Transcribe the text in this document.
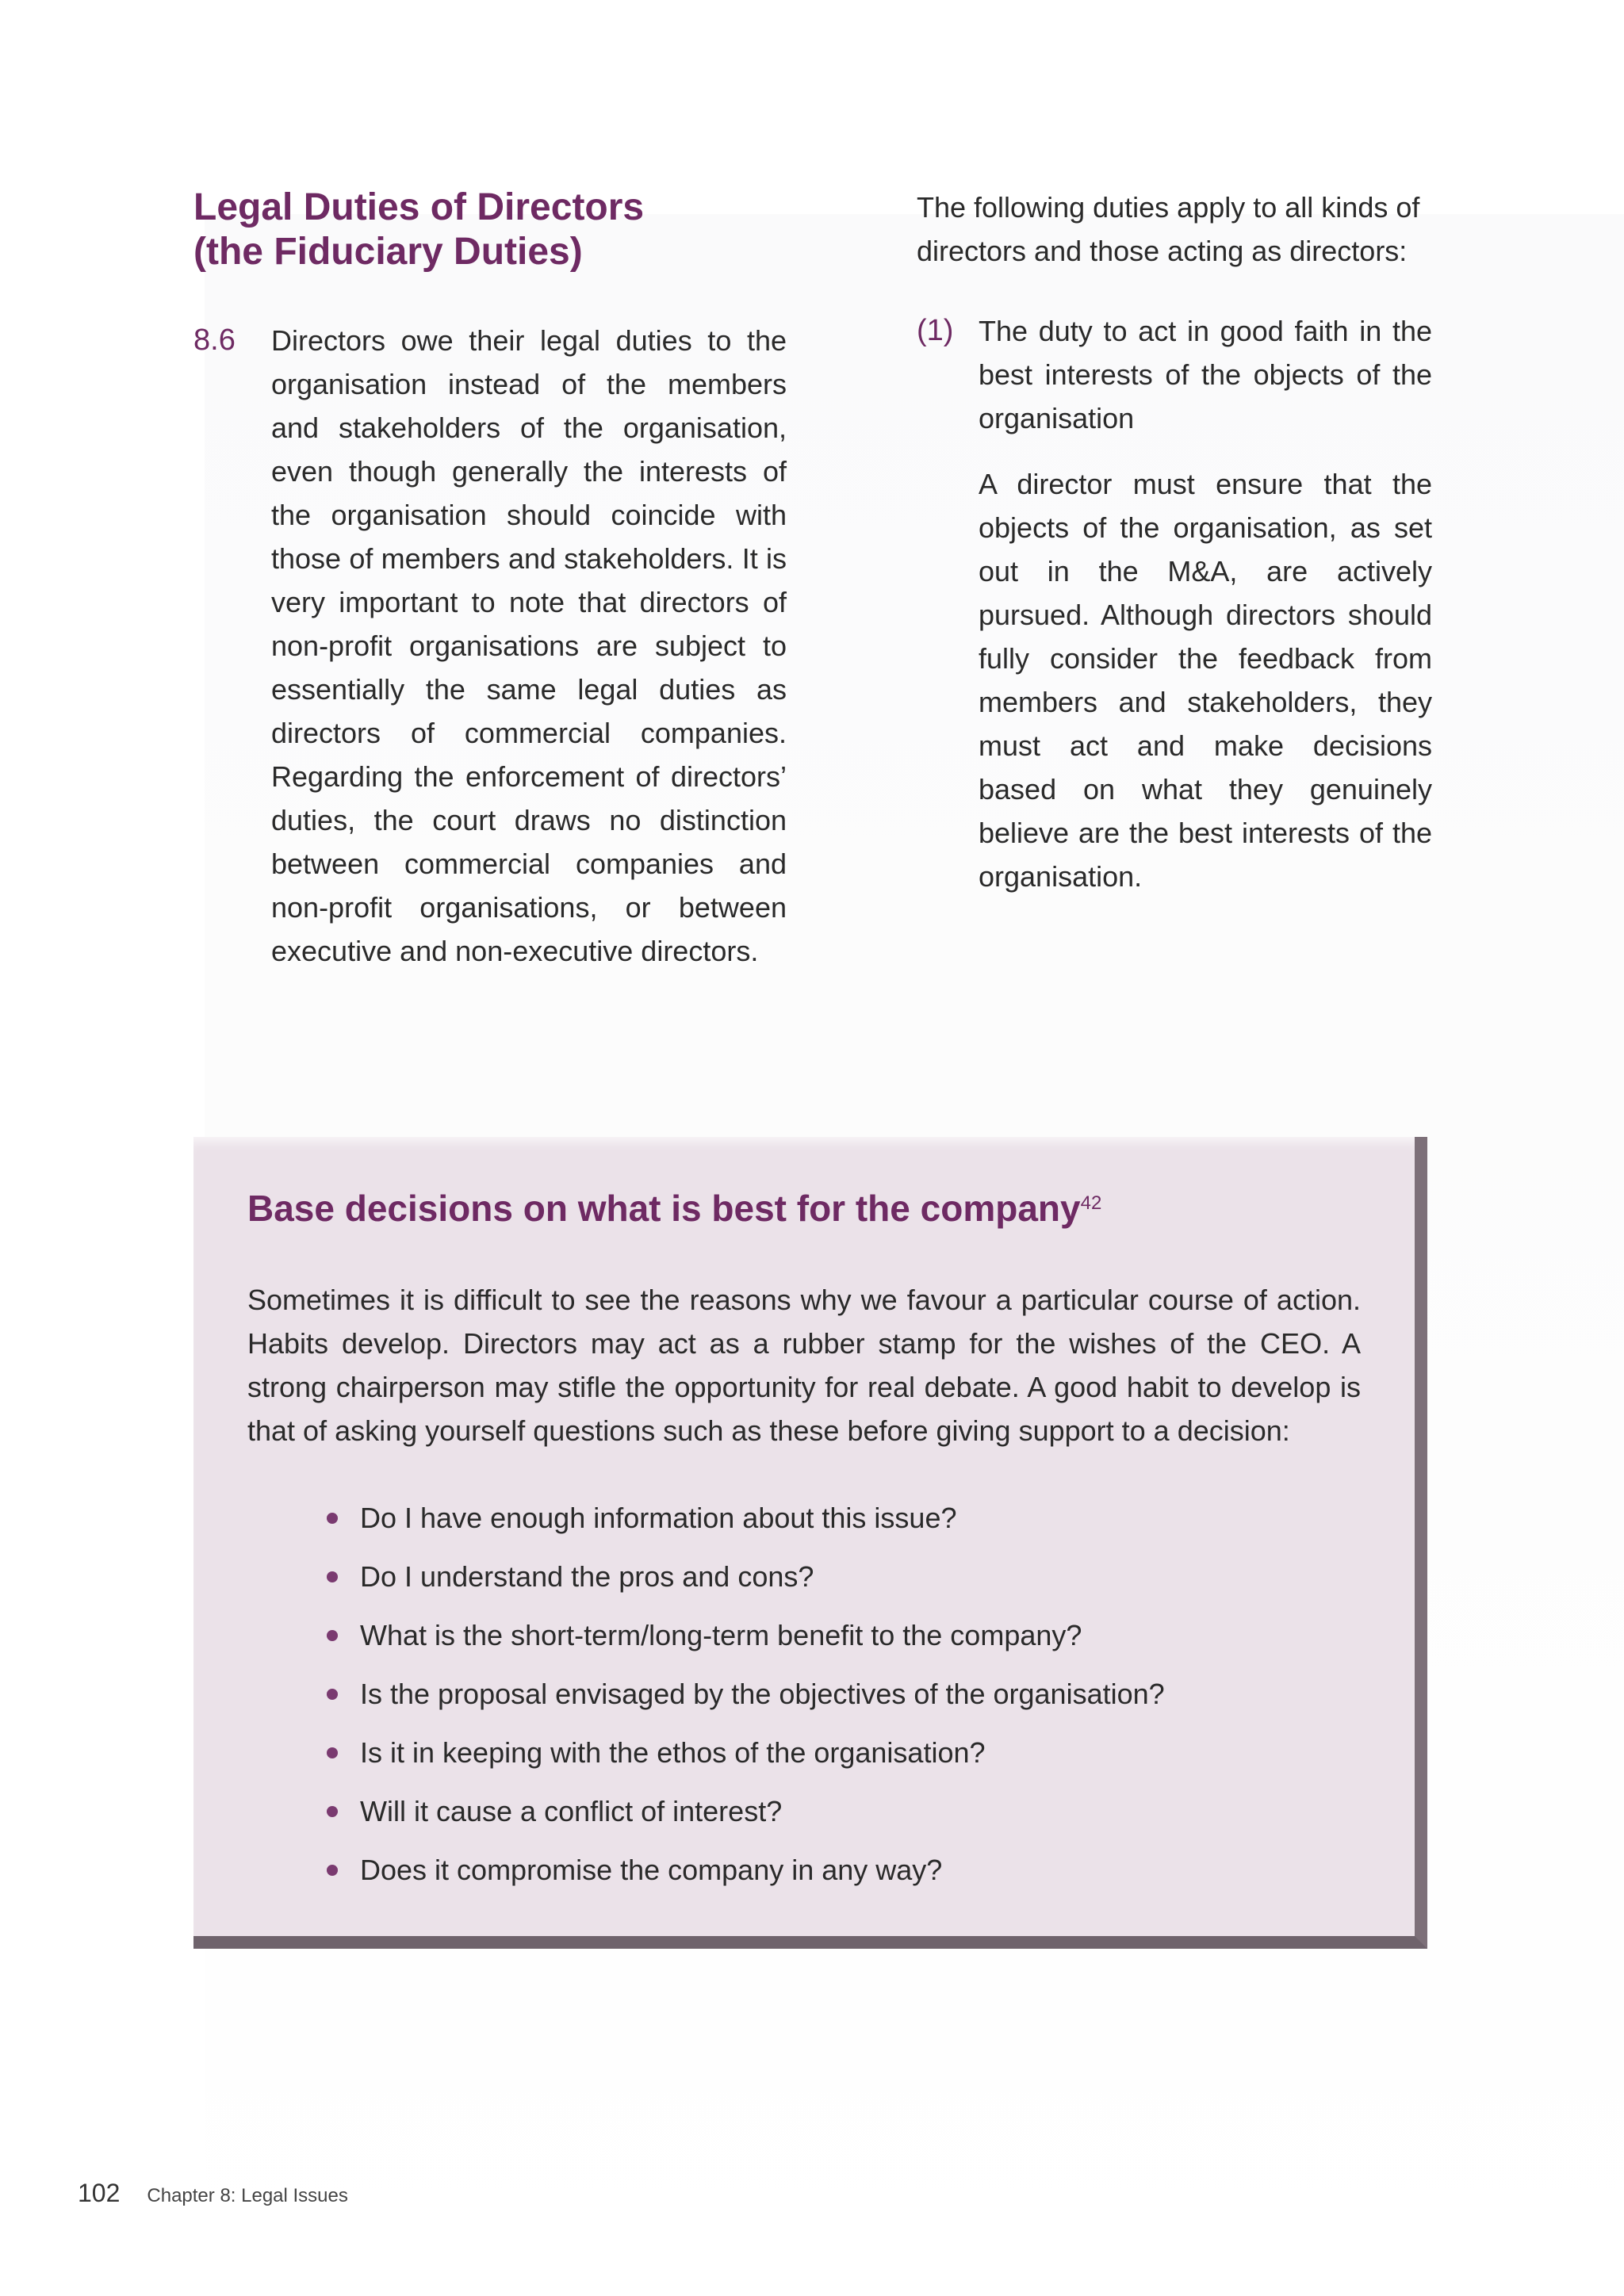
Legal Duties of Directors
(the Fiduciary Duties)
8.6 Directors owe their legal duties to the organisation instead of the members and stakeholders of the organisation, even though generally the interests of the organisation should coincide with those of members and stakeholders. It is very important to note that directors of non-profit organisations are subject to essentially the same legal duties as directors of commercial companies. Regarding the enforcement of directors’ duties, the court draws no distinction between commercial companies and non-profit organisations, or between executive and non-executive directors.

The following duties apply to all kinds of directors and those acting as directors:

(1) The duty to act in good faith in the best interests of the objects of the organisation
A director must ensure that the objects of the organisation, as set out in the M&A, are actively pursued. Although directors should fully consider the feedback from members and stakeholders, they must act and make decisions based on what they genuinely believe are the best interests of the organisation.
Base decisions on what is best for the company$^{42}$

Sometimes it is difficult to see the reasons why we favour a particular course of action. Habits develop. Directors may act as a rubber stamp for the wishes of the CEO. A strong chairperson may stifle the opportunity for real debate. A good habit to develop is that of asking yourself questions such as these before giving support to a decision:

Do I have enough information about this issue?
Do I understand the pros and cons?
What is the short-term/long-term benefit to the company?
Is the proposal envisaged by the objectives of the organisation?
Is it in keeping with the ethos of the organisation?
Will it cause a conflict of interest?
Does it compromise the company in any way?
102 Chapter 8: Legal Issues
